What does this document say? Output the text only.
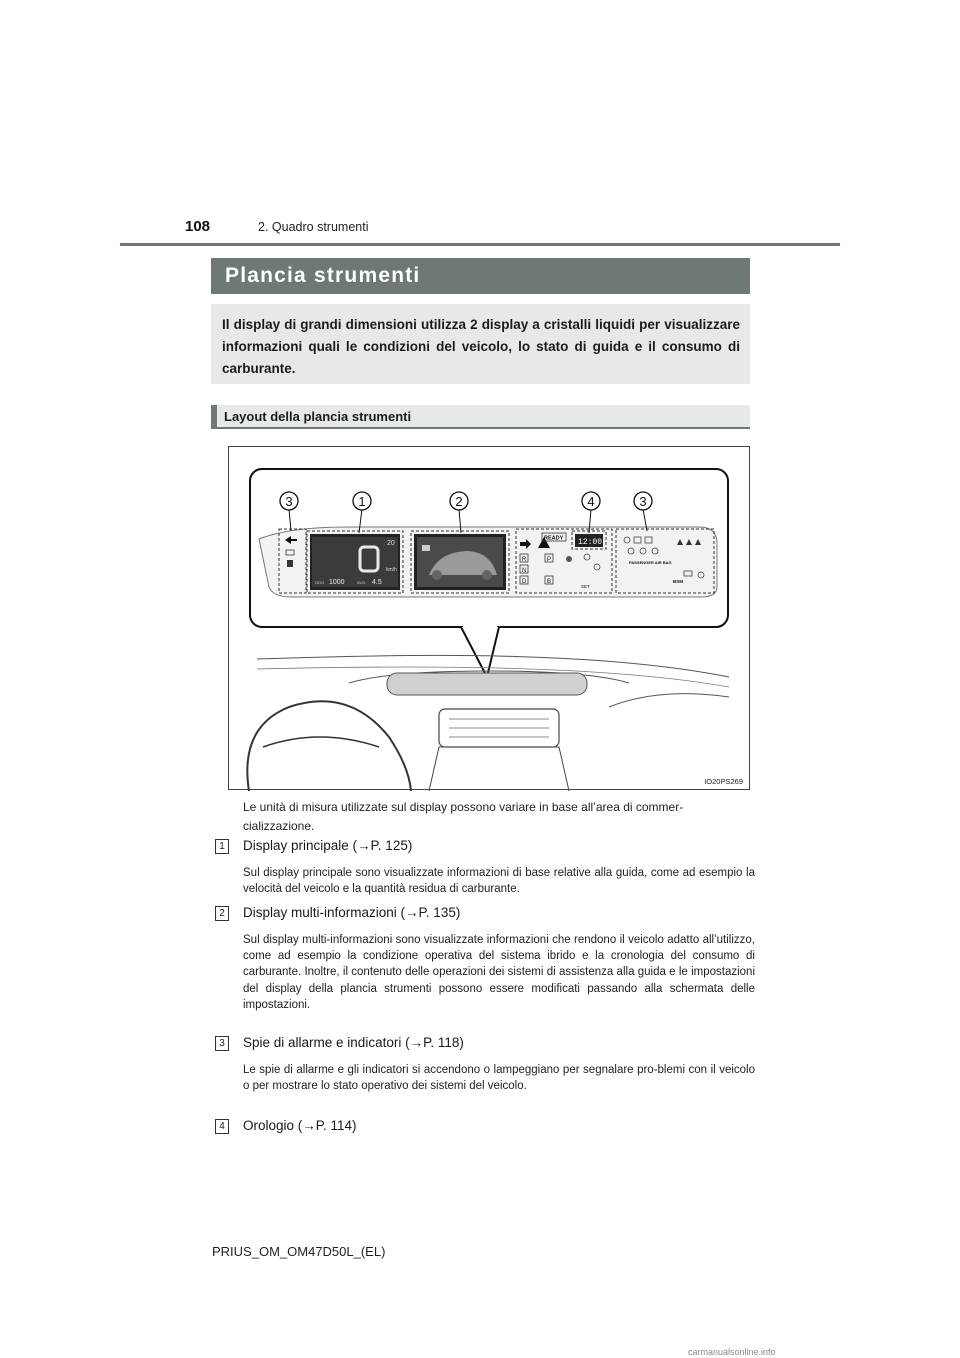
108	2. Quadro strumenti
Plancia strumenti
Il display di grandi dimensioni utilizza 2 display a cristalli liquidi per visualizzare informazioni quali le condizioni del veicolo, lo stato di guida e il consumo di carburante.
Layout della plancia strumenti
20
km/h
ODO 1000	AVG. 4.5
READY 12:00
R
N
D
P
B
SET
PASSENGER AIR BAG
BSM
3	1	2	4	3
IO20PS269
Le unità di misura utilizzate sul display possono variare in base all’area di commer-cializzazione.
1	Display principale (→P. 125)
Sul display principale sono visualizzate informazioni di base relative alla guida, come ad esempio la velocità del veicolo e la quantità residua di carburante.
2	Display multi-informazioni (→P. 135)
Sul display multi-informazioni sono visualizzate informazioni che rendono il veicolo adatto all’utilizzo, come ad esempio la condizione operativa del sistema ibrido e la cronologia del consumo di carburante. Inoltre, il contenuto delle operazioni dei sistemi di assistenza alla guida e le impostazioni del display della plancia strumenti possono essere modificati passando alla schermata delle impostazioni.
3	Spie di allarme e indicatori (→P. 118)
Le spie di allarme e gli indicatori si accendono o lampeggiano per segnalare pro-blemi con il veicolo o per mostrare lo stato operativo dei sistemi del veicolo.
4	Orologio (→P. 114)
PRIUS_OM_OM47D50L_(EL)
carmanualsonline.info
